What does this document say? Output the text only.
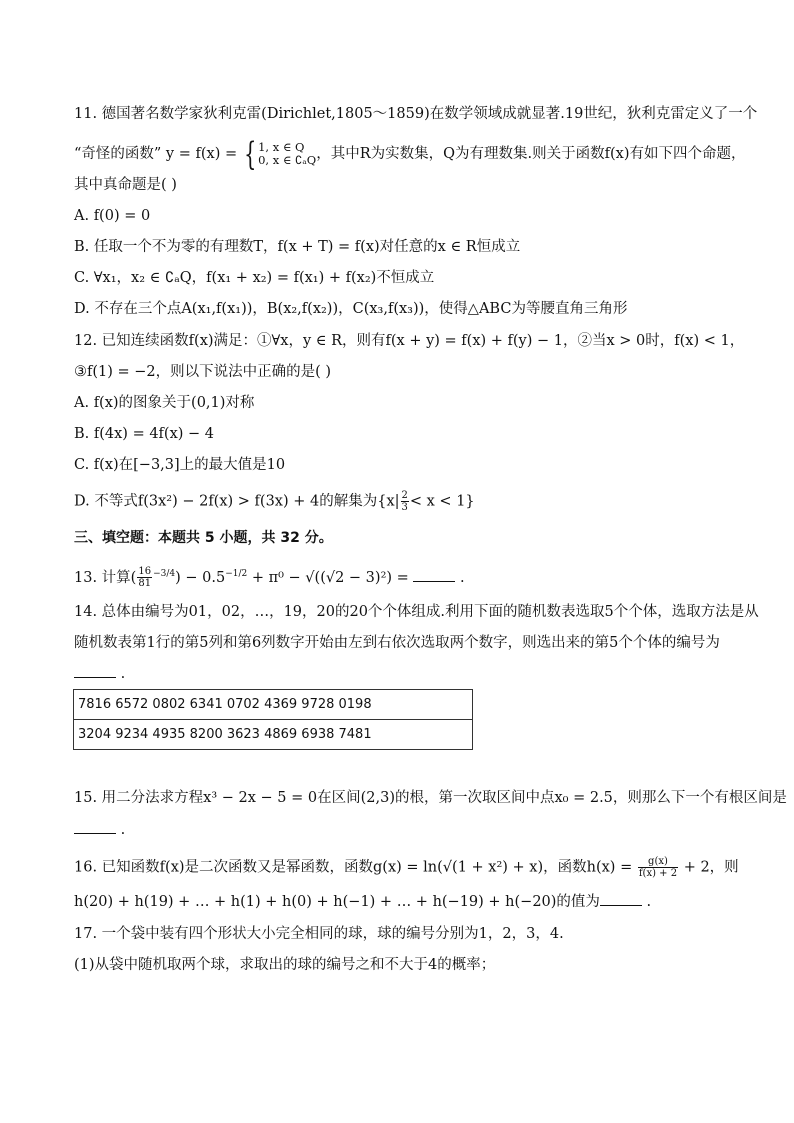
11. 德国著名数学家狄利克雷(Dirichlet,1805～1859)在数学领域成就显著.19世纪，狄利克雷定义了一个
“奇怪的函数” y = f(x) = { 1, x ∈ Q
0, x ∈ ∁ₐQ ，其中R为实数集，Q为有理数集.则关于函数f(x)有如下四个命题，
其中真命题是( )
A. f(0) = 0
B. 任取一个不为零的有理数T，f(x + T) = f(x)对任意的x ∈ R恒成立
C. ∀x₁，x₂ ∈ ∁ₐQ，f(x₁ + x₂) = f(x₁) + f(x₂)不恒成立
D. 不存在三个点A(x₁,f(x₁))，B(x₂,f(x₂))，C(x₃,f(x₃))，使得△ABC为等腰直角三角形
12. 已知连续函数f(x)满足：①∀x，y ∈ R，则有f(x + y) = f(x) + f(y) − 1，②当x > 0时，f(x) < 1，
③f(1) = −2，则以下说法中正确的是( )
A. f(x)的图象关于(0,1)对称
B. f(4x) = 4f(x) − 4
C. f(x)在[−3,3]上的最大值是10
D. 不等式f(3x²) − 2f(x) > f(3x) + 4的解集为$\{x| \frac{2}{3} < x < 1\}$
三、填空题：本题共 5 小题，共 32 分。
13. 计算( $\frac{16}{81} ^{-3/4}) - 0.5^{-1/2} + \pi^0 - √((√2 - 3)^2)$ =	.
14. 总体由编号为01，02，…，19，20的20个个体组成.利用下面的随机数表选取5个个体，选取方法是从
随机数表第1行的第5列和第6列数字开始由左到右依次选取两个数字，则选出来的第5个个体的编号为
.
7816 6572 0802 6341 0702 4369 9728 0198
3204 9234 4935 8200 3623 4869 6938 7481
15. 用二分法求方程x³ − 2x − 5 = 0在区间(2,3)的根，第一次取区间中点x₀ = 2.5，则那么下一个有根区间是
.
16. 已知函数f(x)是二次函数又是幂函数，函数g(x) = ln(√(1 + x²) + x)，函数$h(x) = \frac{g(x)}{f(x) + 2} + 2$，则
h(20) + h(19) + … + h(1) + h(0) + h(−1) + … + h(−19) + h(−20)的值为	.
17. 一个袋中装有四个形状大小完全相同的球，球的编号分别为1，2，3，4.
(1)从袋中随机取两个球，求取出的球的编号之和不大于4的概率；
